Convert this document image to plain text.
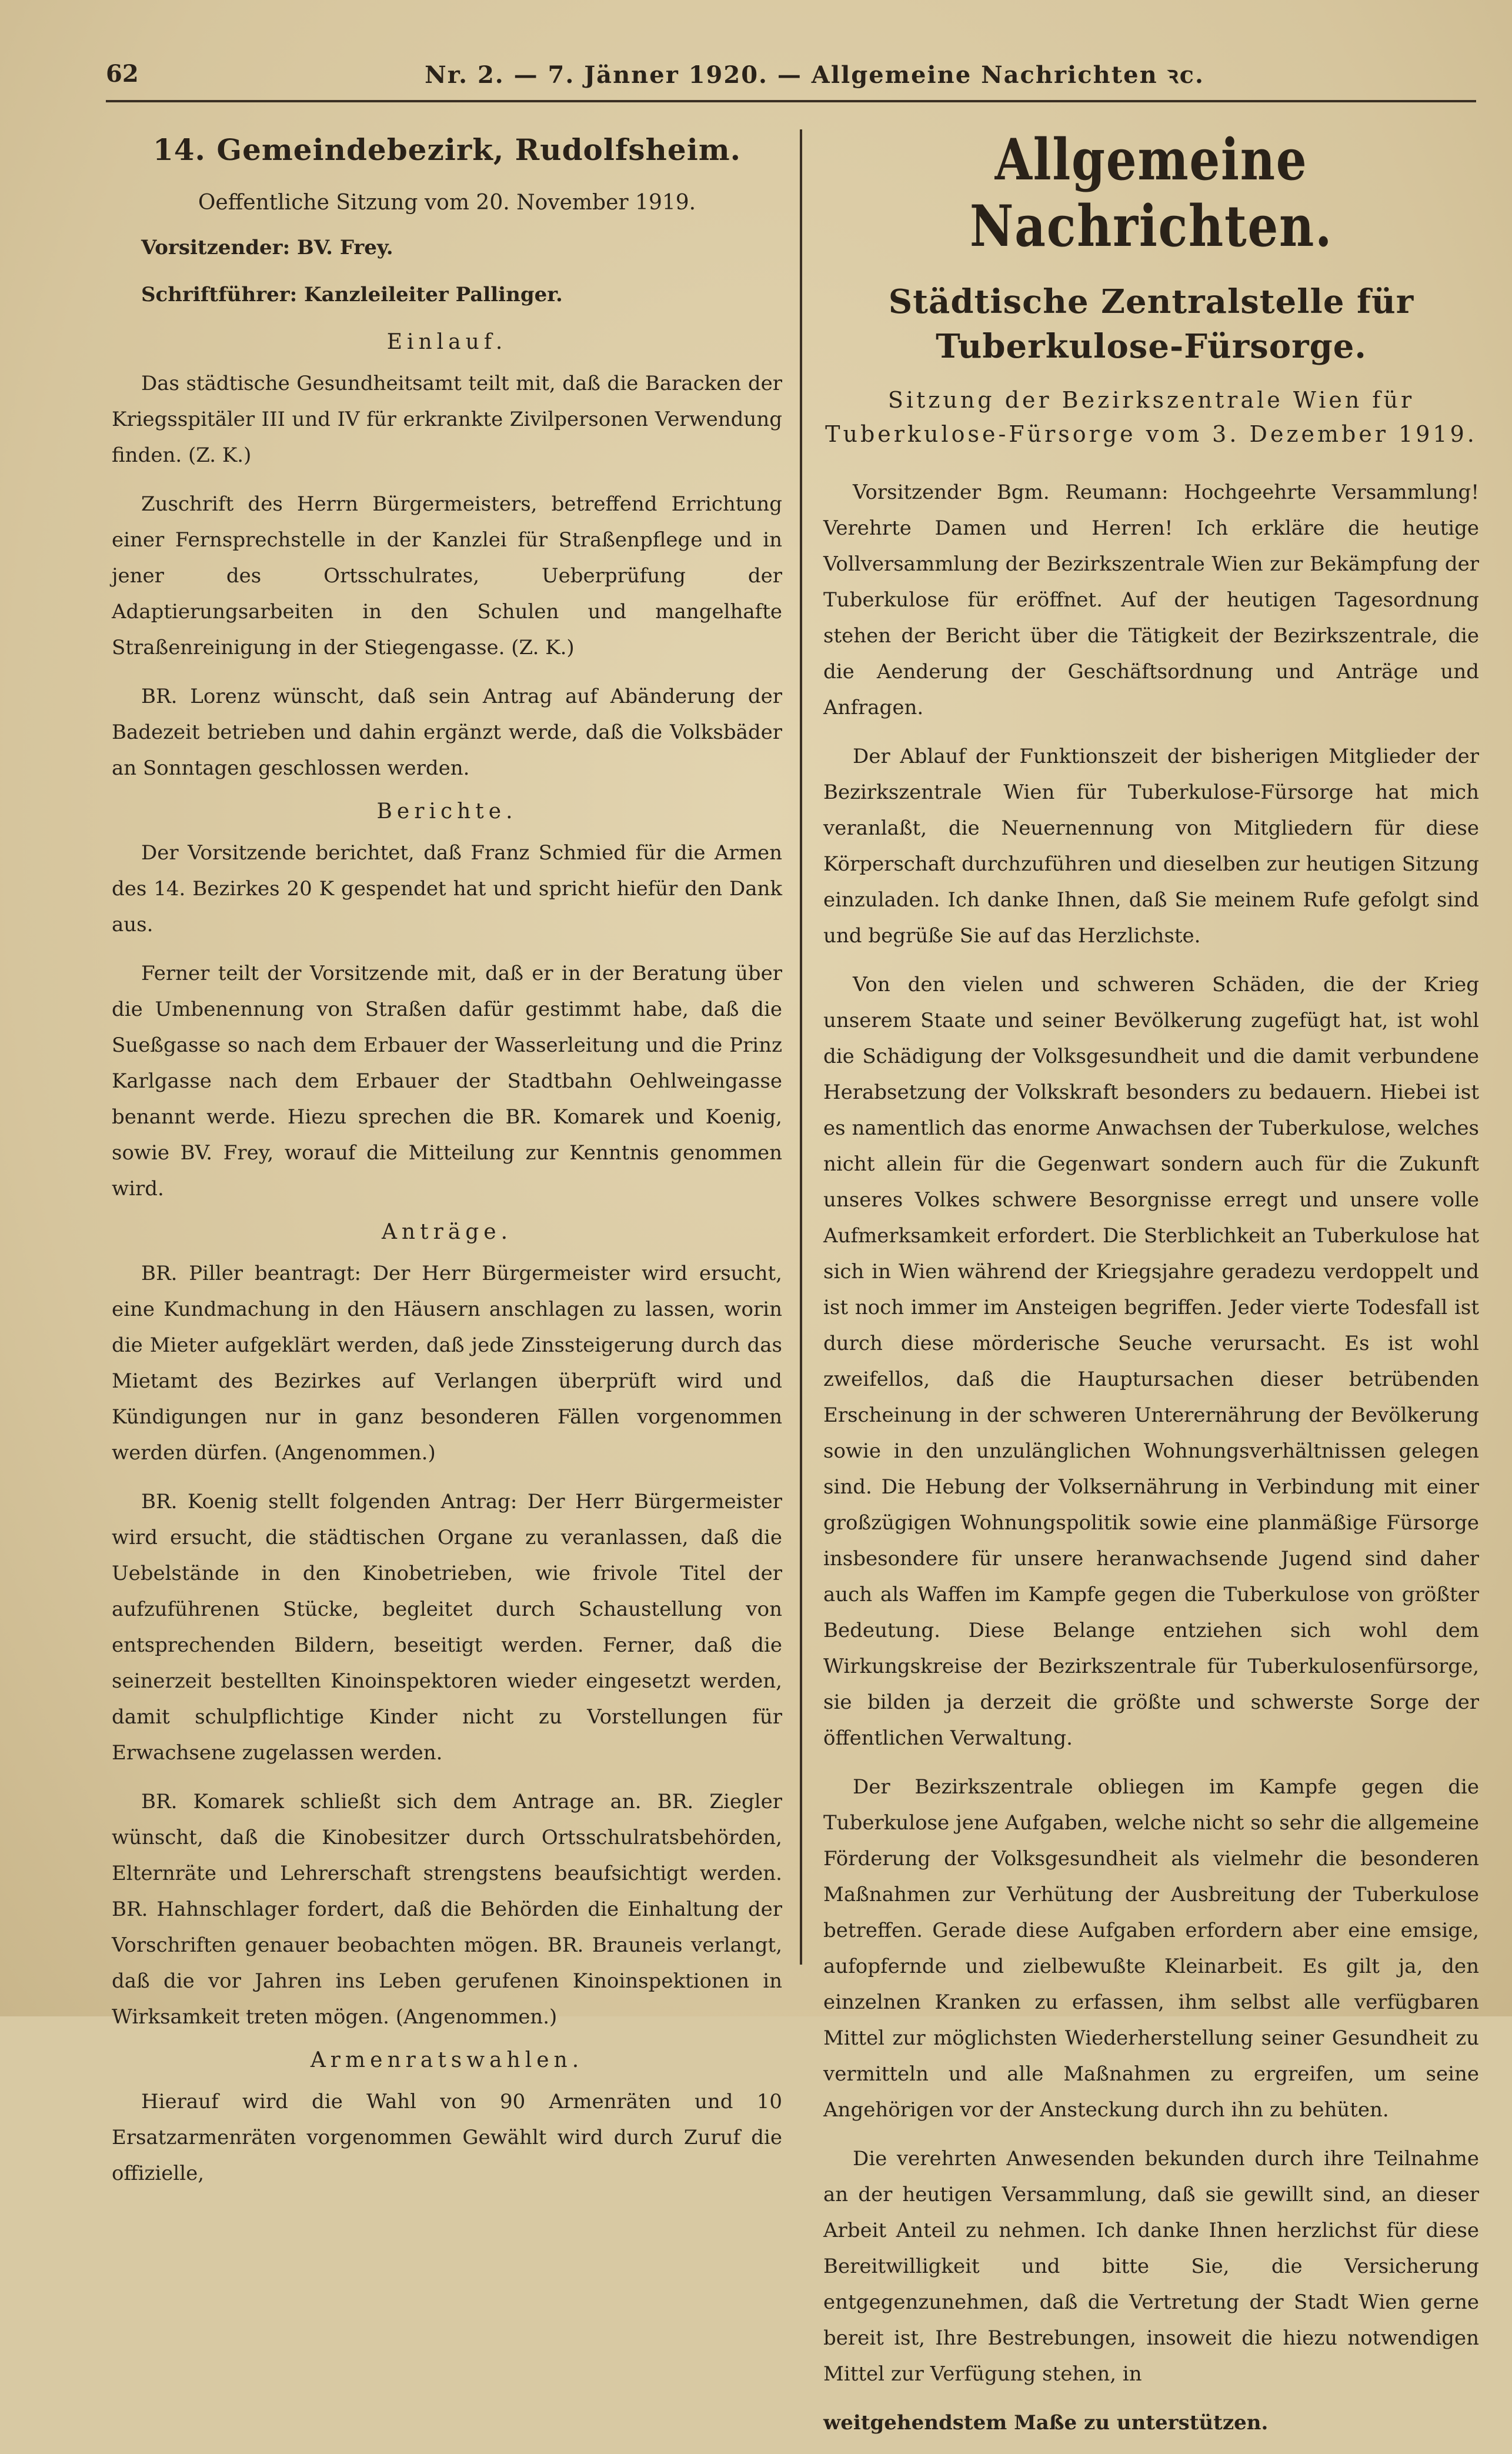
62	Nr. 2. — 7. Jänner 1920. — Allgemeine Nachrichten ꝛc.
14. Gemeindebezirk, Rudolfsheim.
Oeffentliche Sitzung vom 20. November 1919.
Vorsitzender: BV. Frey.
Schriftführer: Kanzleileiter Pallinger.
Einlauf.

Das städtische Gesundheitsamt teilt mit, daß die Baracken der Kriegsspitäler III und IV für erkrankte Zivilpersonen Verwendung finden. (Z. K.)

Zuschrift des Herrn Bürgermeisters, betreffend Errichtung einer Fernsprechstelle in der Kanzlei für Straßenpflege und in jener des Ortsschulrates, Ueberprüfung der Adaptierungsarbeiten in den Schulen und mangelhafte Straßenreinigung in der Stiegengasse. (Z. K.)

BR. Lorenz wünscht, daß sein Antrag auf Abänderung der Badezeit betrieben und dahin ergänzt werde, daß die Volksbäder an Sonntagen geschlossen werden.

Berichte.

Der Vorsitzende berichtet, daß Franz Schmied für die Armen des 14. Bezirkes 20 K gespendet hat und spricht hiefür den Dank aus.

Ferner teilt der Vorsitzende mit, daß er in der Beratung über die Umbenennung von Straßen dafür gestimmt habe, daß die Sueßgasse so nach dem Erbauer der Wasserleitung und die Prinz Karlgasse nach dem Erbauer der Stadtbahn Oehlweingasse benannt werde. Hiezu sprechen die BR. Komarek und Koenig, sowie BV. Frey, worauf die Mitteilung zur Kenntnis genommen wird.

Anträge.

BR. Piller beantragt: Der Herr Bürgermeister wird ersucht, eine Kundmachung in den Häusern anschlagen zu lassen, worin die Mieter aufgeklärt werden, daß jede Zinssteigerung durch das Mietamt des Bezirkes auf Verlangen überprüft wird und Kündigungen nur in ganz besonderen Fällen vorgenommen werden dürfen. (Angenommen.)

BR. Koenig stellt folgenden Antrag: Der Herr Bürgermeister wird ersucht, die städtischen Organe zu veranlassen, daß die Uebelstände in den Kinobetrieben, wie frivole Titel der aufzuführenen Stücke, begleitet durch Schaustellung von entsprechenden Bildern, beseitigt werden. Ferner, daß die seinerzeit bestellten Kinoinspektoren wieder eingesetzt werden, damit schulpflichtige Kinder nicht zu Vorstellungen für Erwachsene zugelassen werden.

BR. Komarek schließt sich dem Antrage an. BR. Ziegler wünscht, daß die Kinobesitzer durch Ortsschulratsbehörden, Elternräte und Lehrerschaft strengstens beaufsichtigt werden. BR. Hahnschlager fordert, daß die Behörden die Einhaltung der Vorschriften genauer beobachten mögen. BR. Brauneis verlangt, daß die vor Jahren ins Leben gerufenen Kinoinspektionen in Wirksamkeit treten mögen. (Angenommen.)

Armenratswahlen.

Hierauf wird die Wahl von 90 Armenräten und 10 Ersatzarmenräten vorgenommen Gewählt wird durch Zuruf die offizielle,

Allgemeine Nachrichten.
Städtische Zentralstelle für Tuberkulose-Fürsorge.
Sitzung der Bezirkszentrale Wien für Tuberkulose-Fürsorge vom 3. Dezember 1919.

Vorsitzender Bgm. Reumann: Hochgeehrte Versammlung! Verehrte Damen und Herren! Ich erkläre die heutige Vollversammlung der Bezirkszentrale Wien zur Bekämpfung der Tuberkulose für eröffnet. Auf der heutigen Tagesordnung stehen der Bericht über die Tätigkeit der Bezirkszentrale, die die Aenderung der Geschäftsordnung und Anträge und Anfragen.

Der Ablauf der Funktionszeit der bisherigen Mitglieder der Bezirkszentrale Wien für Tuberkulose-Fürsorge hat mich veranlaßt, die Neuernennung von Mitgliedern für diese Körperschaft durchzuführen und dieselben zur heutigen Sitzung einzuladen. Ich danke Ihnen, daß Sie meinem Rufe gefolgt sind und begrüße Sie auf das Herzlichste.

Von den vielen und schweren Schäden, die der Krieg unserem Staate und seiner Bevölkerung zugefügt hat, ist wohl die Schädigung der Volksgesundheit und die damit verbundene Herabsetzung der Volkskraft besonders zu bedauern. Hiebei ist es namentlich das enorme Anwachsen der Tuberkulose, welches nicht allein für die Gegenwart sondern auch für die Zukunft unseres Volkes schwere Besorgnisse erregt und unsere volle Aufmerksamkeit erfordert. Die Sterblichkeit an Tuberkulose hat sich in Wien während der Kriegsjahre geradezu verdoppelt und ist noch immer im Ansteigen begriffen. Jeder vierte Todesfall ist durch diese mörderische Seuche verursacht. Es ist wohl zweifellos, daß die Hauptursachen dieser betrübenden Erscheinung in der schweren Unterernährung der Bevölkerung sowie in den unzulänglichen Wohnungsverhältnissen gelegen sind. Die Hebung der Volksernährung in Verbindung mit einer großzügigen Wohnungspolitik sowie eine planmäßige Fürsorge insbesondere für unsere heranwachsende Jugend sind daher auch als Waffen im Kampfe gegen die Tuberkulose von größter Bedeutung. Diese Belange entziehen sich wohl dem Wirkungskreise der Bezirkszentrale für Tuberkulosenfürsorge, sie bilden ja derzeit die größte und schwerste Sorge der öffentlichen Verwaltung.

Der Bezirkszentrale obliegen im Kampfe gegen die Tuberkulose jene Aufgaben, welche nicht so sehr die allgemeine Förderung der Volksgesundheit als vielmehr die besonderen Maßnahmen zur Verhütung der Ausbreitung der Tuberkulose betreffen. Gerade diese Aufgaben erfordern aber eine emsige, aufopfernde und zielbewußte Kleinarbeit. Es gilt ja, den einzelnen Kranken zu erfassen, ihm selbst alle verfügbaren Mittel zur möglichsten Wiederherstellung seiner Gesundheit zu vermitteln und alle Maßnahmen zu ergreifen, um seine Angehörigen vor der Ansteckung durch ihn zu behüten.

Die verehrten Anwesenden bekunden durch ihre Teilnahme an der heutigen Versammlung, daß sie gewillt sind, an dieser Arbeit Anteil zu nehmen. Ich danke Ihnen herzlichst für diese Bereitwilligkeit und bitte Sie, die Versicherung entgegenzunehmen, daß die Vertretung der Stadt Wien gerne bereit ist, Ihre Bestrebungen, insoweit die hiezu notwendigen Mittel zur Verfügung stehen, in

weitgehendstem Maße zu unterstützen.
